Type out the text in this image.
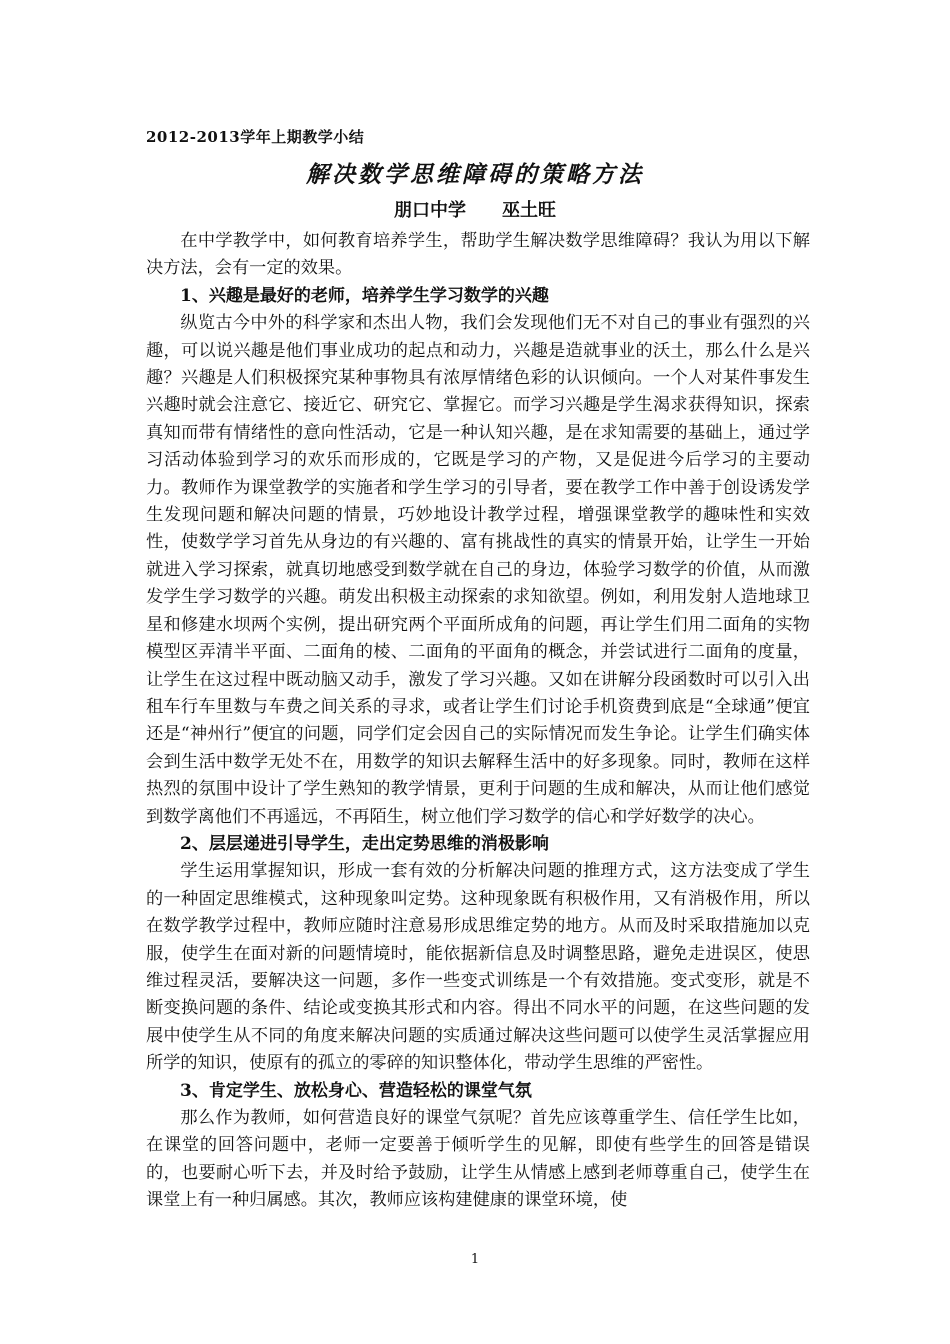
2012-2013学年上期教学小结
解决数学思维障碍的策略方法
朋口中学 巫土旺

在中学教学中，如何教育培养学生，帮助学生解决数学思维障碍？我认为用以下解决方法，会有一定的效果。

1、兴趣是最好的老师，培养学生学习数学的兴趣

纵览古今中外的科学家和杰出人物，我们会发现他们无不对自己的事业有强烈的兴趣，可以说兴趣是他们事业成功的起点和动力，兴趣是造就事业的沃土，那么什么是兴趣？兴趣是人们积极探究某种事物具有浓厚情绪色彩的认识倾向。一个人对某件事发生兴趣时就会注意它、接近它、研究它、掌握它。而学习兴趣是学生渴求获得知识，探索真知而带有情绪性的意向性活动，它是一种认知兴趣，是在求知需要的基础上，通过学习活动体验到学习的欢乐而形成的，它既是学习的产物，又是促进今后学习的主要动力。教师作为课堂教学的实施者和学生学习的引导者，要在教学工作中善于创设诱发学生发现问题和解决问题的情景，巧妙地设计教学过程，增强课堂教学的趣味性和实效性，使数学学习首先从身边的有兴趣的、富有挑战性的真实的情景开始，让学生一开始就进入学习探索，就真切地感受到数学就在自己的身边，体验学习数学的价值，从而激发学生学习数学的兴趣。萌发出积极主动探索的求知欲望。例如，利用发射人造地球卫星和修建水坝两个实例，提出研究两个平面所成角的问题，再让学生们用二面角的实物模型区弄清半平面、二面角的棱、二面角的平面角的概念，并尝试进行二面角的度量，让学生在这过程中既动脑又动手，激发了学习兴趣。又如在讲解分段函数时可以引入出租车行车里数与车费之间关系的寻求，或者让学生们讨论手机资费到底是“全球通”便宜还是“神州行”便宜的问题，同学们定会因自己的实际情况而发生争论。让学生们确实体会到生活中数学无处不在，用数学的知识去解释生活中的好多现象。同时，教师在这样热烈的氛围中设计了学生熟知的教学情景，更利于问题的生成和解决，从而让他们感觉到数学离他们不再遥远，不再陌生，树立他们学习数学的信心和学好数学的决心。

2、层层递进引导学生，走出定势思维的消极影响

学生运用掌握知识，形成一套有效的分析解决问题的推理方式，这方法变成了学生的一种固定思维模式，这种现象叫定势。这种现象既有积极作用，又有消极作用，所以在数学教学过程中，教师应随时注意易形成思维定势的地方。从而及时采取措施加以克服，使学生在面对新的问题情境时，能依据新信息及时调整思路，避免走进误区，使思维过程灵活，要解决这一问题，多作一些变式训练是一个有效措施。变式变形，就是不断变换问题的条件、结论或变换其形式和内容。得出不同水平的问题，在这些问题的发展中使学生从不同的角度来解决问题的实质通过解决这些问题可以使学生灵活掌握应用所学的知识，使原有的孤立的零碎的知识整体化，带动学生思维的严密性。

3、肯定学生、放松身心、营造轻松的课堂气氛

那么作为教师，如何营造良好的课堂气氛呢？首先应该尊重学生、信任学生比如，在课堂的回答问题中，老师一定要善于倾听学生的见解，即使有些学生的回答是错误的，也要耐心听下去，并及时给予鼓励，让学生从情感上感到老师尊重自己，使学生在课堂上有一种归属感。其次，教师应该构建健康的课堂环境，使

1
